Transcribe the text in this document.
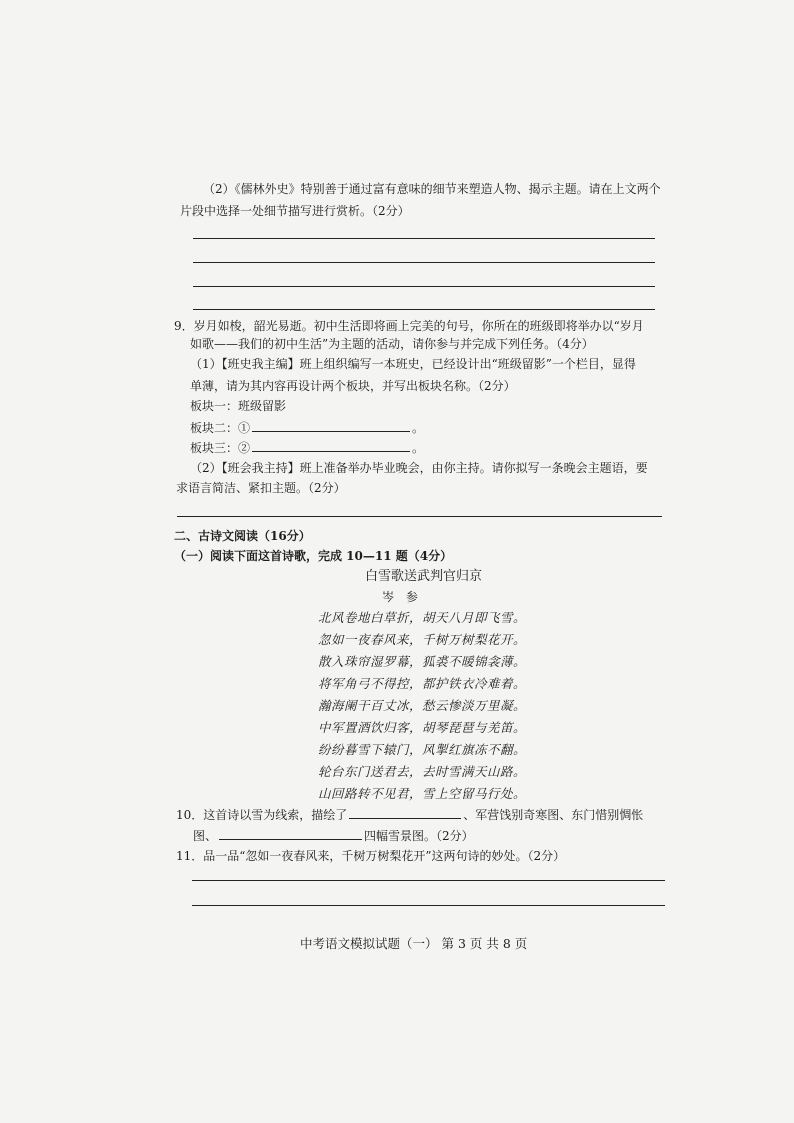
（2）《儒林外史》特别善于通过富有意味的细节来塑造人物、揭示主题。请在上文两个
片段中选择一处细节描写进行赏析。（2分）
9．岁月如梭，韶光易逝。初中生活即将画上完美的句号，你所在的班级即将举办以“岁月
如歌——我们的初中生活”为主题的活动，请你参与并完成下列任务。（4分）
（1）【班史我主编】班上组织编写一本班史，已经设计出“班级留影”一个栏目，显得
单薄，请为其内容再设计两个板块，并写出板块名称。（2分）
板块一：班级留影
板块二：①	。
板块三：②	。
（2）【班会我主持】班上准备举办毕业晚会，由你主持。请你拟写一条晚会主题语，要
求语言简洁、紧扣主题。（2分）
二、古诗文阅读（16分）
（一）阅读下面这首诗歌，完成 10—11 题（4分）
白雪歌送武判官归京
岑 参
北风卷地白草折，胡天八月即飞雪。
忽如一夜春风来，千树万树梨花开。
散入珠帘湿罗幕，狐裘不暖锦衾薄。
将军角弓不得控，都护铁衣冷难着。
瀚海阑干百丈冰，愁云惨淡万里凝。
中军置酒饮归客，胡琴琵琶与羌笛。
纷纷暮雪下辕门，风掣红旗冻不翻。
轮台东门送君去，去时雪满天山路。
山回路转不见君，雪上空留马行处。
10．这首诗以雪为线索，描绘了	、军营饯别奇寒图、东门惜别惆怅
图、	四幅雪景图。（2分）
11．品一品“忽如一夜春风来，千树万树梨花开”这两句诗的妙处。（2分）
中考语文模拟试题（一） 第 3 页 共 8 页
